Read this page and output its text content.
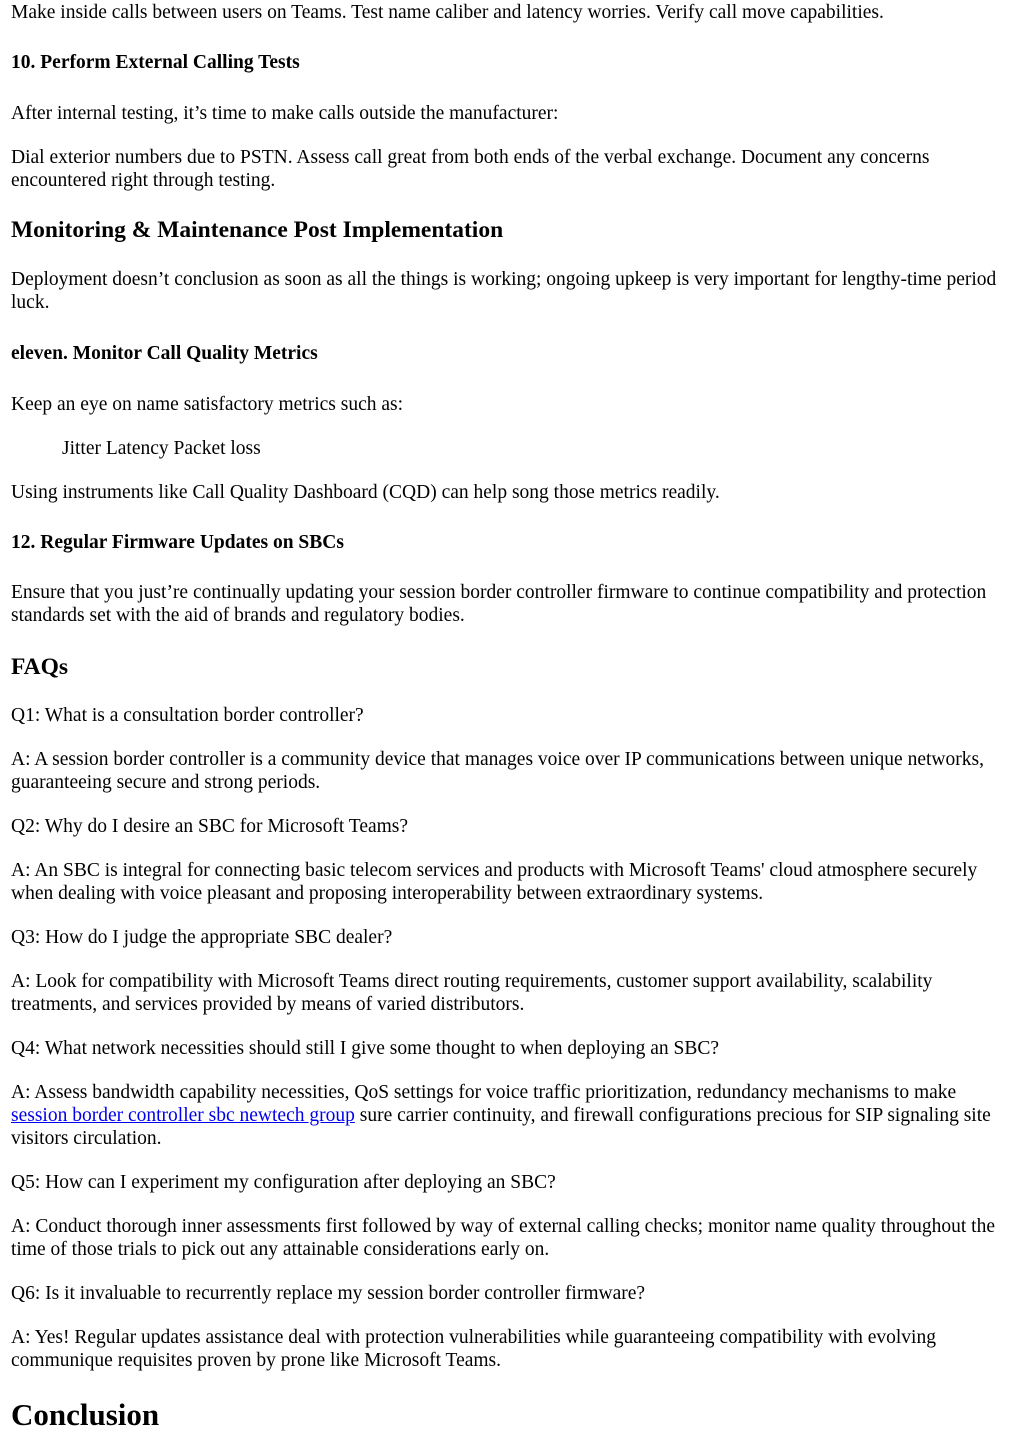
Make inside calls between users on Teams. Test name caliber and latency worries. Verify call move capabilities.

10. Perform External Calling Tests

After internal testing, it’s time to make calls outside the manufacturer:

Dial exterior numbers due to PSTN. Assess call great from both ends of the verbal exchange. Document any concerns encountered right through testing.

Monitoring & Maintenance Post Implementation

Deployment doesn’t conclusion as soon as all the things is working; ongoing upkeep is very important for lengthy-time period luck.

eleven. Monitor Call Quality Metrics

Keep an eye on name satisfactory metrics such as:

Jitter Latency Packet loss

Using instruments like Call Quality Dashboard (CQD) can help song those metrics readily.

12. Regular Firmware Updates on SBCs

Ensure that you just’re continually updating your session border controller firmware to continue compatibility and protection standards set with the aid of brands and regulatory bodies.

FAQs

Q1: What is a consultation border controller?

A: A session border controller is a community device that manages voice over IP communications between unique networks, guaranteeing secure and strong periods.

Q2: Why do I desire an SBC for Microsoft Teams?

A: An SBC is integral for connecting basic telecom services and products with Microsoft Teams' cloud atmosphere securely when dealing with voice pleasant and proposing interoperability between extraordinary systems.

Q3: How do I judge the appropriate SBC dealer?

A: Look for compatibility with Microsoft Teams direct routing requirements, customer support availability, scalability treatments, and services provided by means of varied distributors.

Q4: What network necessities should still I give some thought to when deploying an SBC?

A: Assess bandwidth capability necessities, QoS settings for voice traffic prioritization, redundancy mechanisms to make session border controller sbc newtech group sure carrier continuity, and firewall configurations precious for SIP signaling site visitors circulation.

Q5: How can I experiment my configuration after deploying an SBC?

A: Conduct thorough inner assessments first followed by way of external calling checks; monitor name quality throughout the time of those trials to pick out any attainable considerations early on.

Q6: Is it invaluable to recurrently replace my session border controller firmware?

A: Yes! Regular updates assistance deal with protection vulnerabilities while guaranteeing compatibility with evolving communique requisites proven by prone like Microsoft Teams.

Conclusion
